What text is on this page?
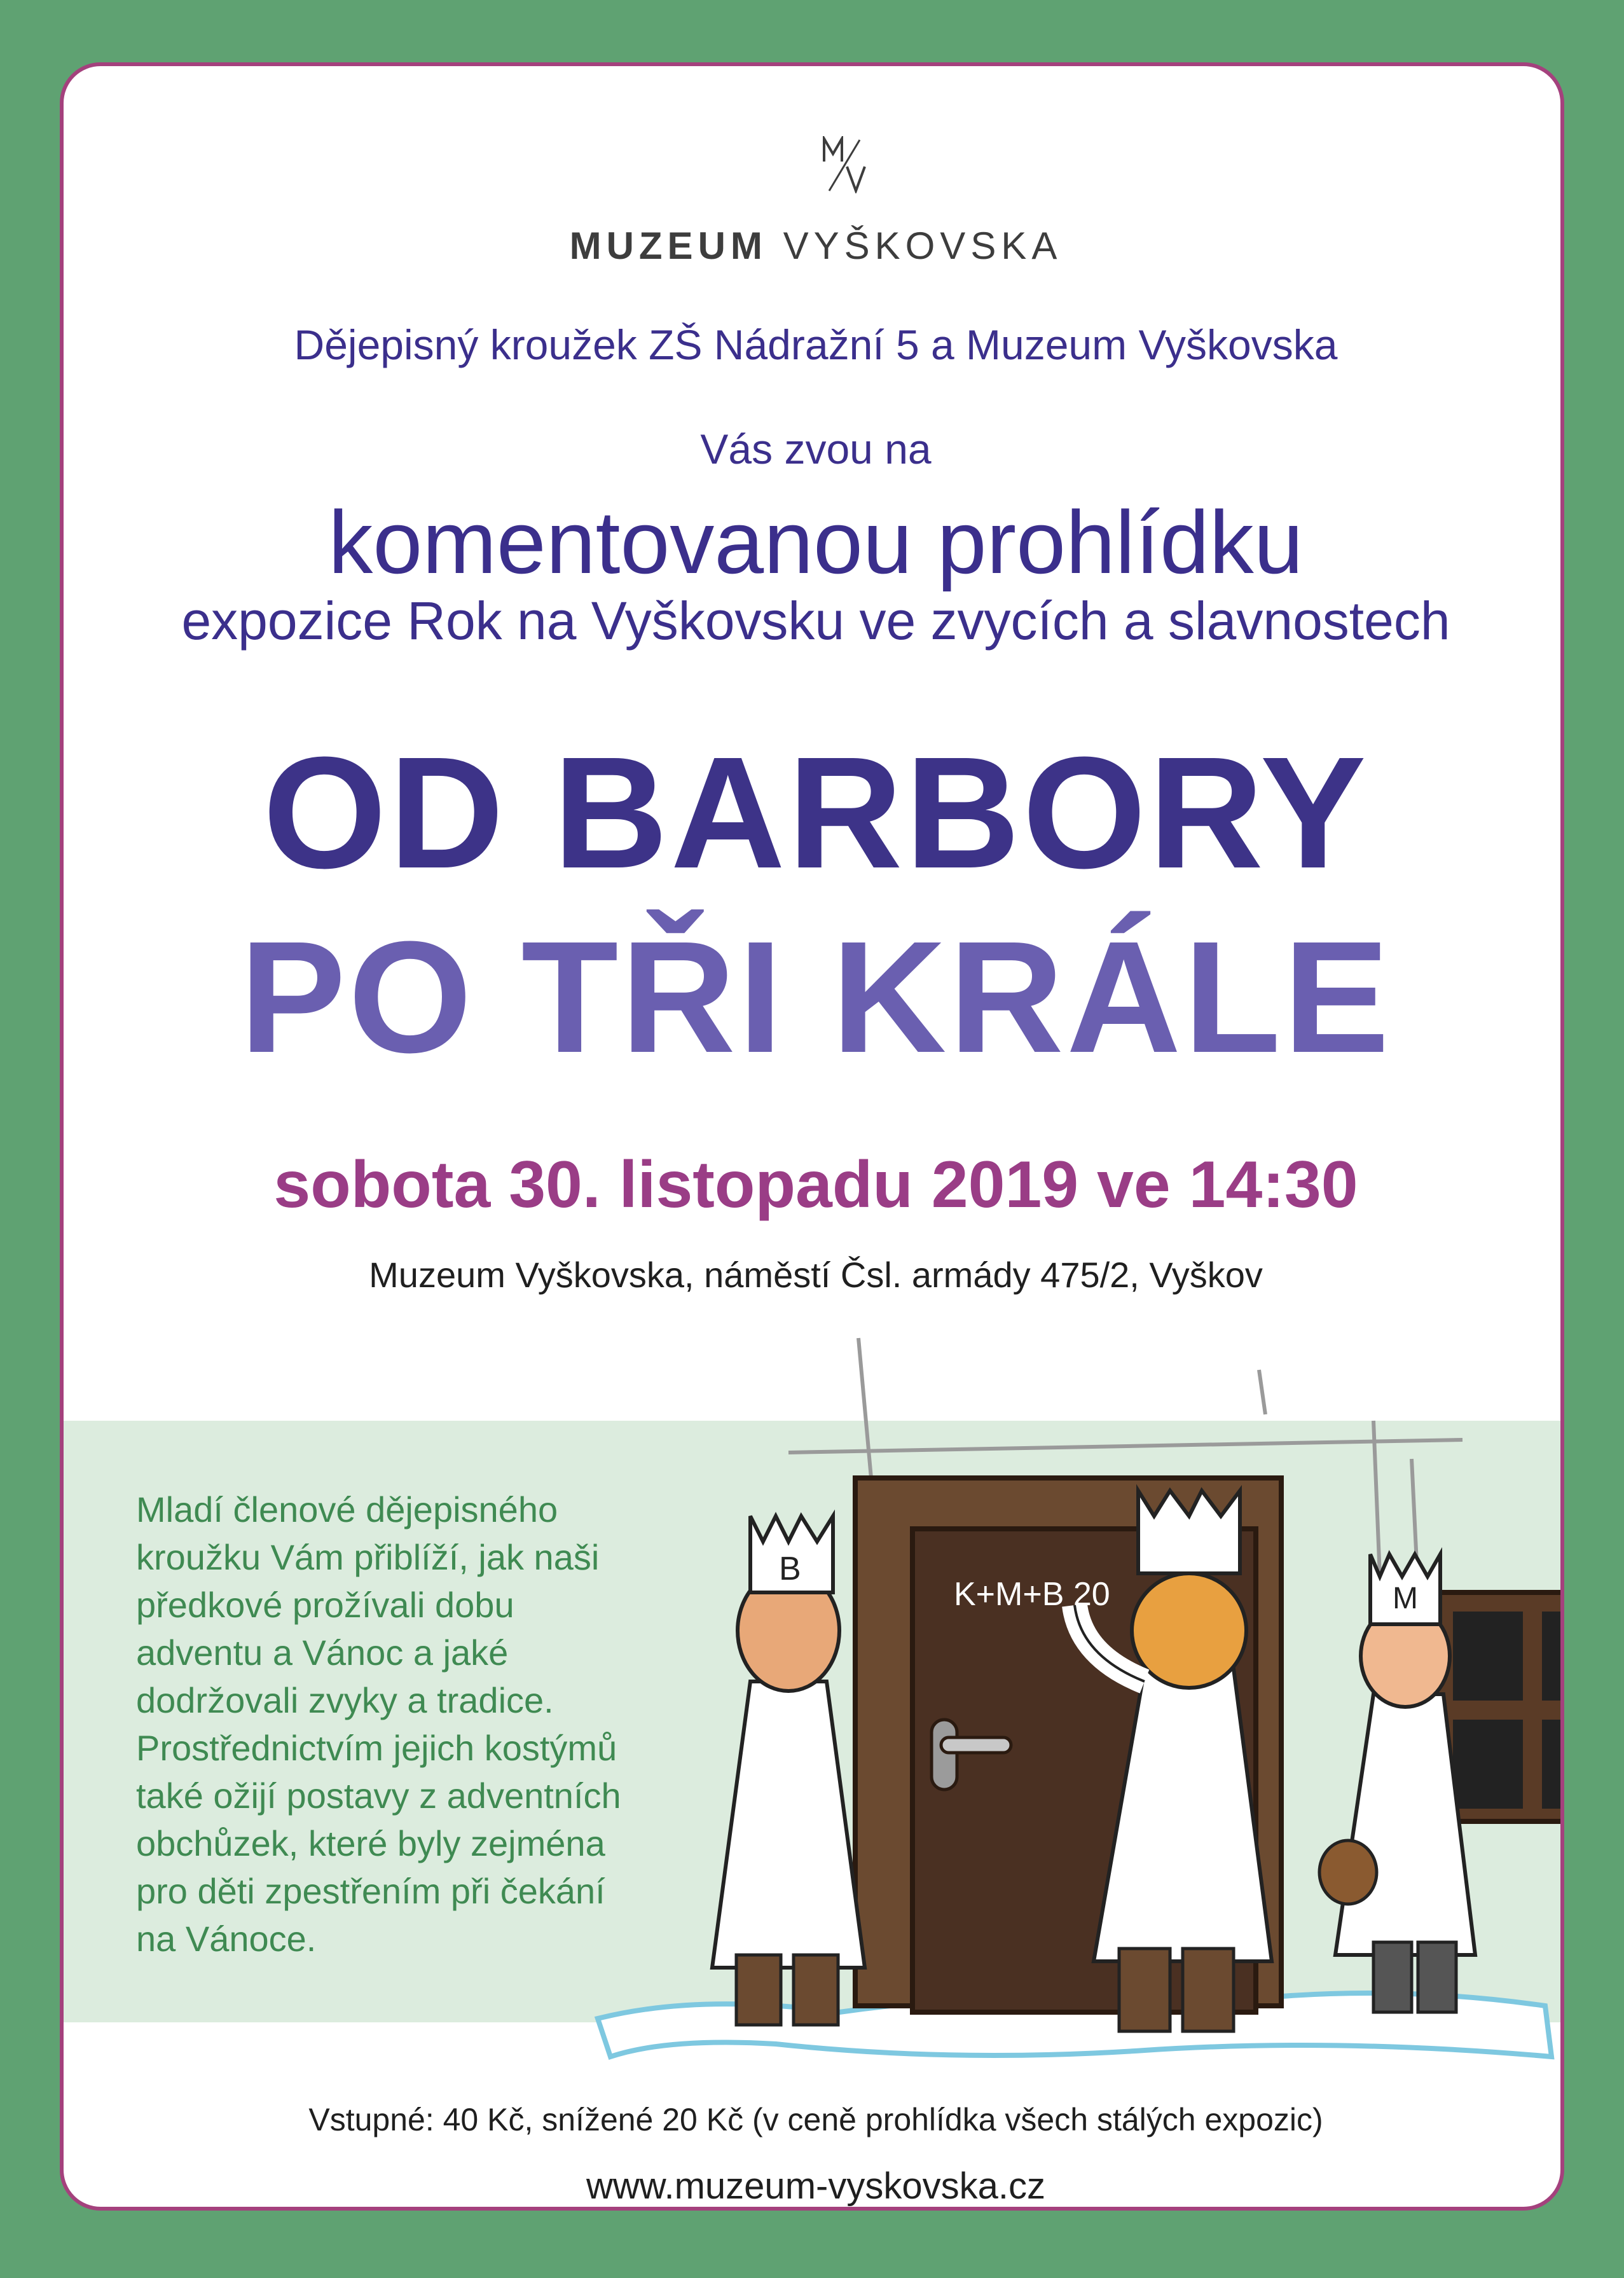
MUZEUM VYŠKOVSKA
Dějepisný kroužek ZŠ Nádražní 5 a Muzeum Vyškovska
Vás zvou na
komentovanou prohlídku
expozice Rok na Vyškovsku ve zvycích a slavnostech
OD BARBORY
PO TŘI KRÁLE
sobota 30. listopadu 2019 ve 14:30
Muzeum Vyškovska, náměstí Čsl. armády 475/2, Vyškov
Mladí členové dějepisného
kroužku Vám přiblíží, jak naši
předkové prožívali dobu
adventu a Vánoc a jaké
dodržovali zvyky a tradice.
Prostřednictvím jejich kostýmů
také ožijí postavy z adventních
obchůzek, které byly zejména
pro děti zpestřením při čekání
na Vánoce.
K+M+B 20
B
M
Vstupné: 40 Kč, snížené 20 Kč (v ceně prohlídka všech stálých expozic)
www.muzeum-vyskovska.cz
